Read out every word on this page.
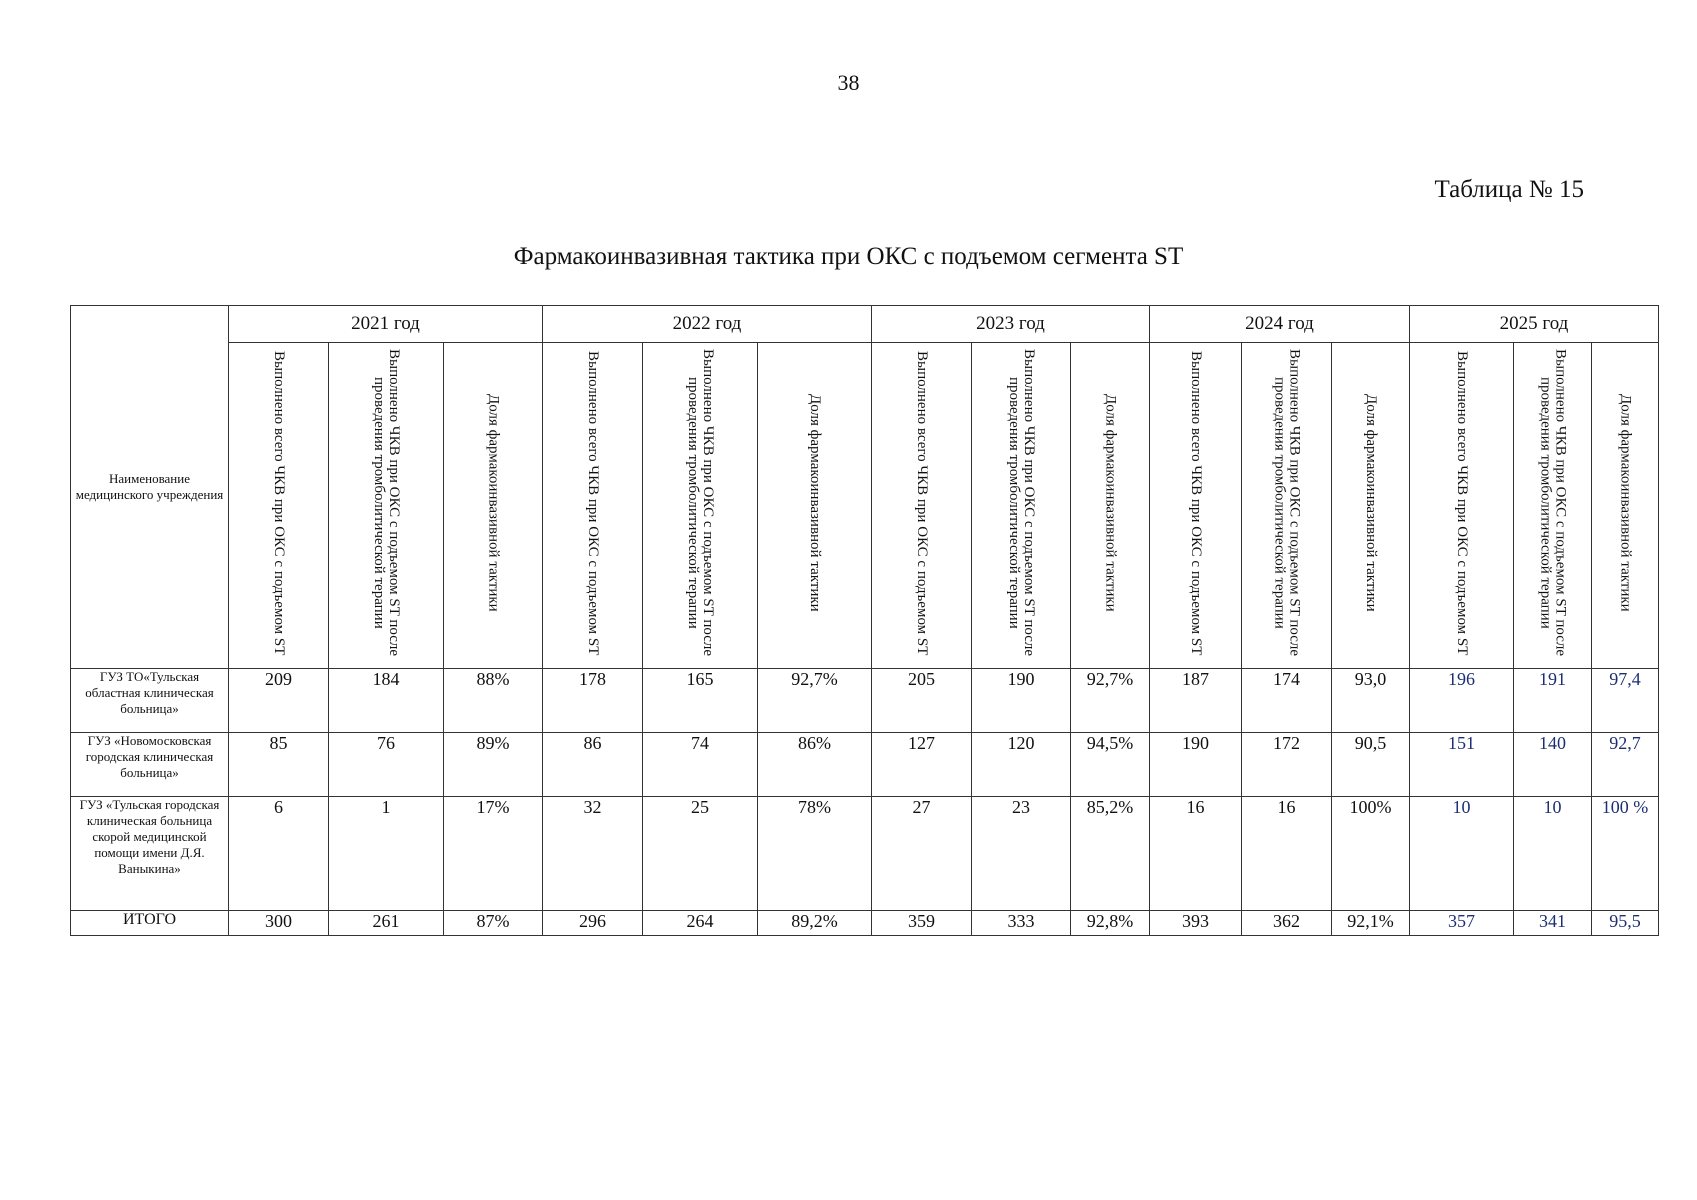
38
Таблица № 15
Фармакоинвазивная тактика при ОКС с подъемом сегмента ST
Наименование медицинского учреждения	2021 год			2022 год			2023 год			2024 год			2025 год		
	Выполнено всего ЧКВ при ОКС с подъемом ST	Выполнено ЧКВ при ОКС с подъемом ST после проведения тромболитической терапии	Доля фармакоинвазивной тактики	Выполнено всего ЧКВ при ОКС с подъемом ST	Выполнено ЧКВ при ОКС с подъемом ST после проведения тромболитической терапии	Доля фармакоинвазивной тактики	Выполнено всего ЧКВ при ОКС с подъемом ST	Выполнено ЧКВ при ОКС с подъемом ST после проведения тромболитической терапии	Доля фармакоинвазивной тактики	Выполнено всего ЧКВ при ОКС с подъемом ST	Выполнено ЧКВ при ОКС с подъемом ST после проведения тромболитической терапии	Доля фармакоинвазивной тактики	Выполнено всего ЧКВ при ОКС с подъемом ST	Выполнено ЧКВ при ОКС с подъемом ST после проведения тромболитической терапии	Доля фармакоинвазивной тактики
ГУЗ ТО«Тульская областная клиническая больница»	209	184	88%	178	165	92,7%	205	190	92,7%	187	174	93,0	196	191	97,4
ГУЗ «Новомосковская городская клиническая больница»	85	76	89%	86	74	86%	127	120	94,5%	190	172	90,5	151	140	92,7
ГУЗ «Тульская городская клиническая больница скорой медицинской помощи имени Д.Я. Ваныкина»	6	1	17%	32	25	78%	27	23	85,2%	16	16	100%	10	10	100 %
ИТОГО	300	261	87%	296	264	89,2%	359	333	92,8%	393	362	92,1%	357	341	95,5
